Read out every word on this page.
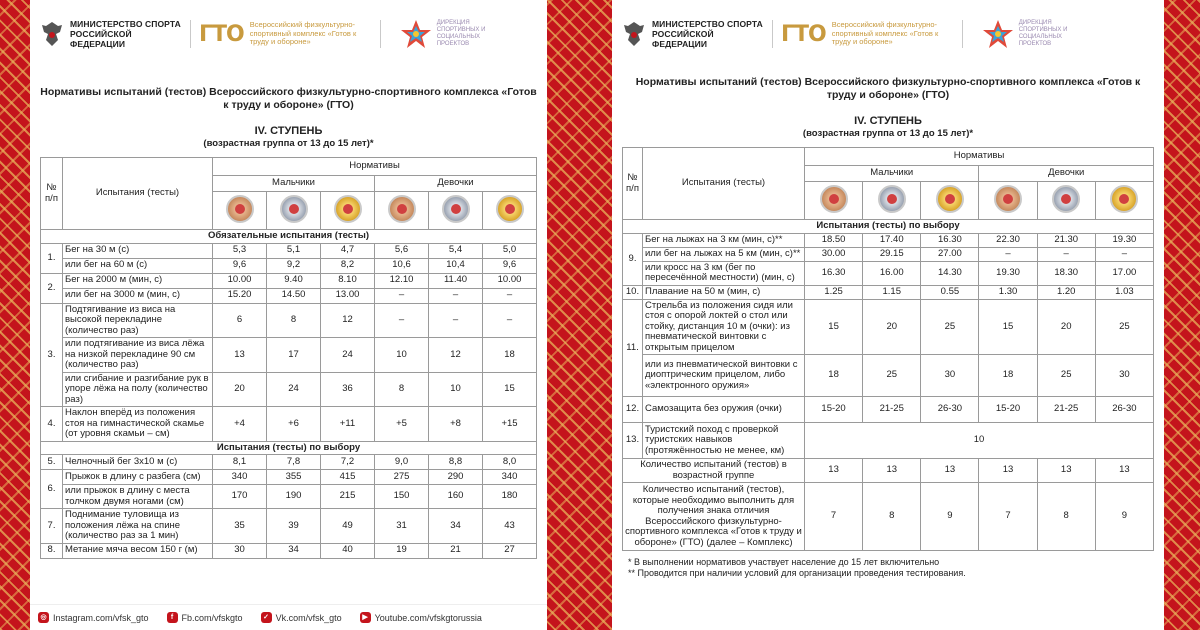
МИНИСТЕРСТВО СПОРТА РОССИЙСКОЙ ФЕДЕРАЦИИ	ГТО Всероссийский физкультурно-спортивный комплекс «Готов к труду и обороне»
ДИРЕКЦИЯ СПОРТИВНЫХ И СОЦИАЛЬНЫХ ПРОЕКТОВ
Нормативы испытаний (тестов) Всероссийского физкультурно-спортивного комплекса «Готов к труду и обороне» (ГТО)
IV. СТУПЕНЬ
(возрастная группа от 13 до 15 лет)*
№ п/п	Испытания (тесты)	Нормативы					
		Мальчики			Девочки		

Обязательные испытания (тесты)							
1.	Бег на 30 м (с)	5,3	5,1	4,7	5,6	5,4	5,0
	или бег на 60 м (с)	9,6	9,2	8,2	10,6	10,4	9,6
2.	Бег на 2000 м (мин, с)	10.00	9.40	8.10	12.10	11.40	10.00
	или бег на 3000 м (мин, с)	15.20	14.50	13.00	–	–	–
3.	Подтягивание из виса на высокой перекладине (количество раз)	6	8	12	–	–	–
	или подтягивание из виса лёжа на низкой перекладине 90 см (количество раз)	13	17	24	10	12	18
	или сгибание и разгибание рук в упоре лёжа на полу (количество раз)	20	24	36	8	10	15
4.	Наклон вперёд из положения стоя на гимнастической скамье (от уровня скамьи – см)	+4	+6	+11	+5	+8	+15
Испытания (тесты) по выбору							
5.	Челночный бег 3х10 м (с)	8,1	7,8	7,2	9,0	8,8	8,0
6.	Прыжок в длину с разбега (см)	340	355	415	275	290	340
	или прыжок в длину с места толчком двумя ногами (см)	170	190	215	150	160	180
7.	Поднимание туловища из положения лёжа на спине (количество раз за 1 мин)	35	39	49	31	34	43
8.	Метание мяча весом 150 г (м)	30	34	40	19	21	27
◎ Instagram.com/vfsk_gto	f Fb.com/vfskgto	✓ Vk.com/vfsk_gto	▶ Youtube.com/vfskgtorussia
МИНИСТЕРСТВО СПОРТА РОССИЙСКОЙ ФЕДЕРАЦИИ	ГТО Всероссийский физкультурно-спортивный комплекс «Готов к труду и обороне»
ДИРЕКЦИЯ СПОРТИВНЫХ И СОЦИАЛЬНЫХ ПРОЕКТОВ
Нормативы испытаний (тестов) Всероссийского физкультурно-спортивного комплекса «Готов к труду и обороне» (ГТО)
IV. СТУПЕНЬ
(возрастная группа от 13 до 15 лет)*
№ п/п	Испытания (тесты)	Нормативы					
		Мальчики			Девочки		

Испытания (тесты) по выбору							
9.	Бег на лыжах на 3 км (мин, с)**	18.50	17.40	16.30	22.30	21.30	19.30
	или бег на лыжах на 5 км (мин, с)**	30.00	29.15	27.00	–	–	–
	или кросс на 3 км (бег по пересечённой местности) (мин, с)	16.30	16.00	14.30	19.30	18.30	17.00
10.	Плавание на 50 м (мин, с)	1.25	1.15	0.55	1.30	1.20	1.03
11.	Стрельба из положения сидя или стоя с опорой локтей о стол или стойку, дистанция 10 м (очки): из пневматической винтовки с открытым прицелом	15	20	25	15	20	25
	или из пневматической винтовки с диоптрическим прицелом, либо «электронного оружия»	18	25	30	18	25	30
12.	Самозащита без оружия (очки)	15-20	21-25	26-30	15-20	21-25	26-30
13.	Туристский поход с проверкой туристских навыков (протяжённостью не менее, км)	10					
Количество испытаний (тестов) в возрастной группе		13	13	13	13	13	13
Количество испытаний (тестов), которые необходимо выполнить для получения знака отличия Всероссийского физкультурно-спортивного комплекса «Готов к труду и обороне» (ГТО) (далее – Комплекс)		7	8	9	7	8	9
* В выполнении нормативов участвует население до 15 лет включительно
** Проводится при наличии условий для организации проведения тестирования.
